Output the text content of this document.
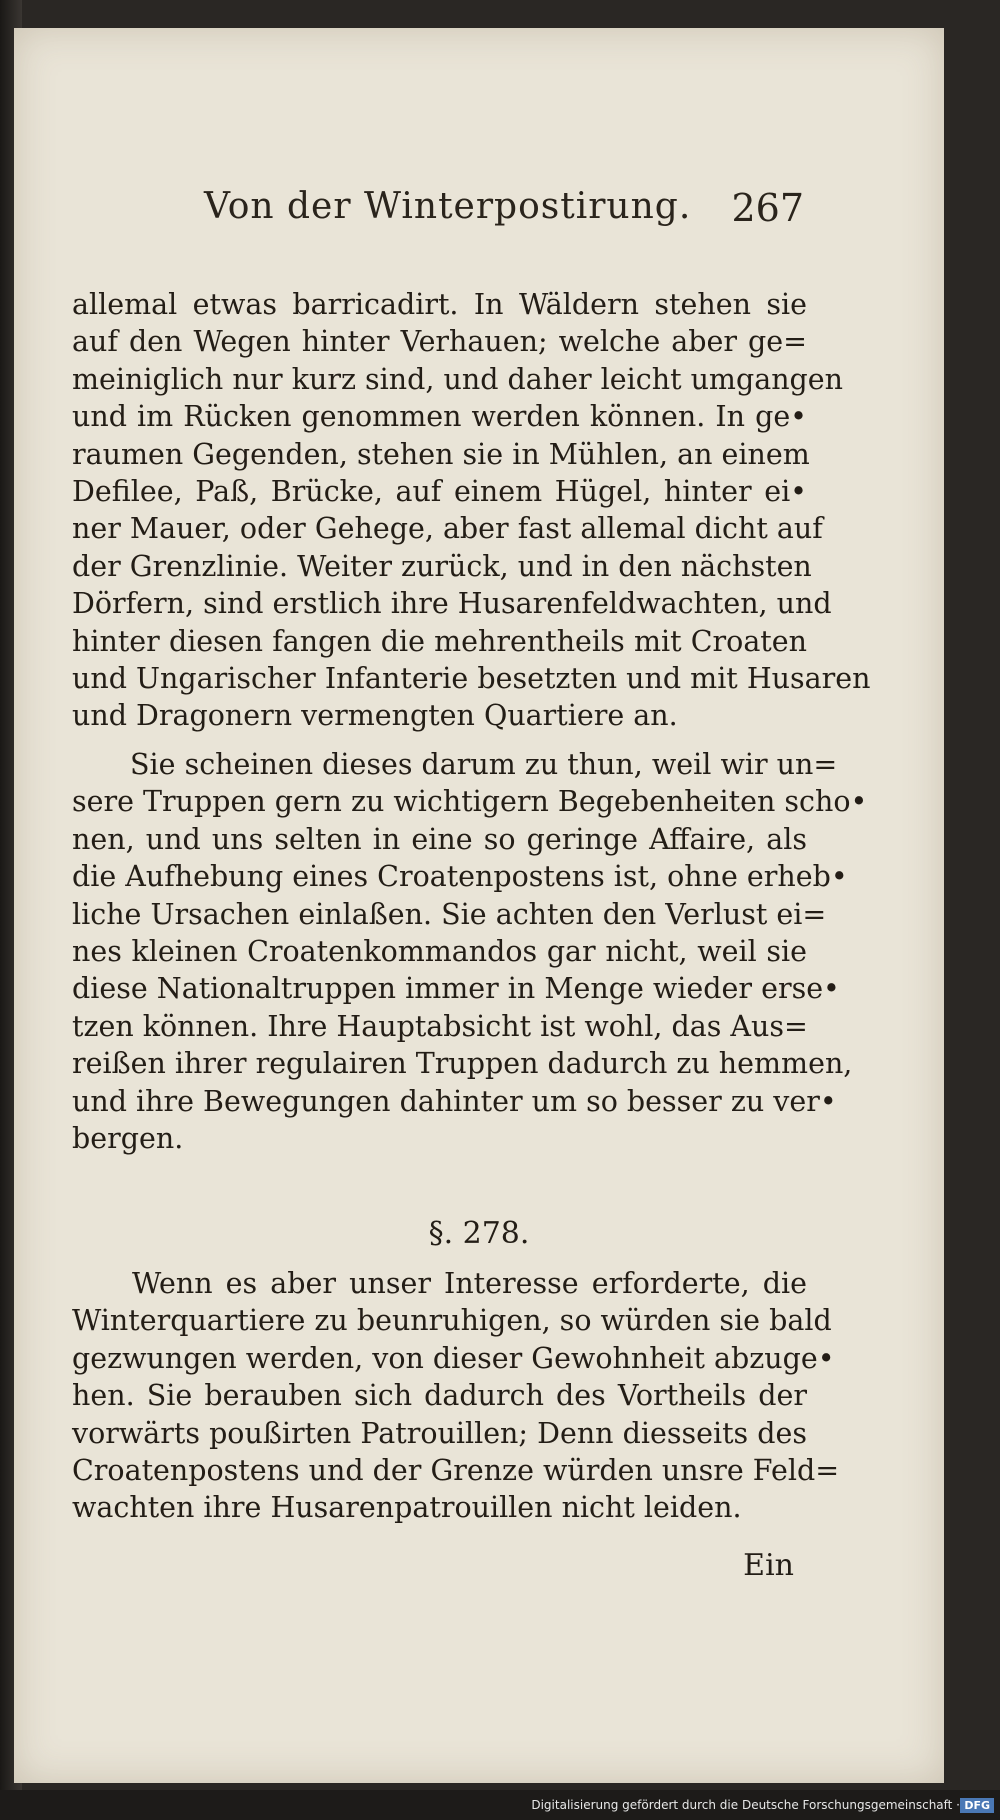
Von der Winterpostirung. 267
allemal etwas barricadirt. In Wäldern stehen sie
auf den Wegen hinter Verhauen; welche aber ge=
meiniglich nur kurz sind, und daher leicht umgangen
und im Rücken genommen werden können. In ge•
raumen Gegenden, stehen sie in Mühlen, an einem
Defilee, Paß, Brücke, auf einem Hügel, hinter ei•
ner Mauer, oder Gehege, aber fast allemal dicht auf
der Grenzlinie. Weiter zurück, und in den nächsten
Dörfern, sind erstlich ihre Husarenfeldwachten, und
hinter diesen fangen die mehrentheils mit Croaten
und Ungarischer Infanterie besetzten und mit Husaren
und Dragonern vermengten Quartiere an.
Sie scheinen dieses darum zu thun, weil wir un=
sere Truppen gern zu wichtigern Begebenheiten scho•
nen, und uns selten in eine so geringe Affaire, als
die Aufhebung eines Croatenpostens ist, ohne erheb•
liche Ursachen einlaßen. Sie achten den Verlust ei=
nes kleinen Croatenkommandos gar nicht, weil sie
diese Nationaltruppen immer in Menge wieder erse•
tzen können. Ihre Hauptabsicht ist wohl, das Aus=
reißen ihrer regulairen Truppen dadurch zu hemmen,
und ihre Bewegungen dahinter um so besser zu ver•
bergen.
§. 278.
Wenn es aber unser Interesse erforderte, die
Winterquartiere zu beunruhigen, so würden sie bald
gezwungen werden, von dieser Gewohnheit abzuge•
hen. Sie berauben sich dadurch des Vortheils der
vorwärts poußirten Patrouillen; Denn diesseits des
Croatenpostens und der Grenze würden unsre Feld=
wachten ihre Husarenpatrouillen nicht leiden.
Ein
Digitalisierung gefördert durch die Deutsche Forschungsgemeinschaft · DFG
